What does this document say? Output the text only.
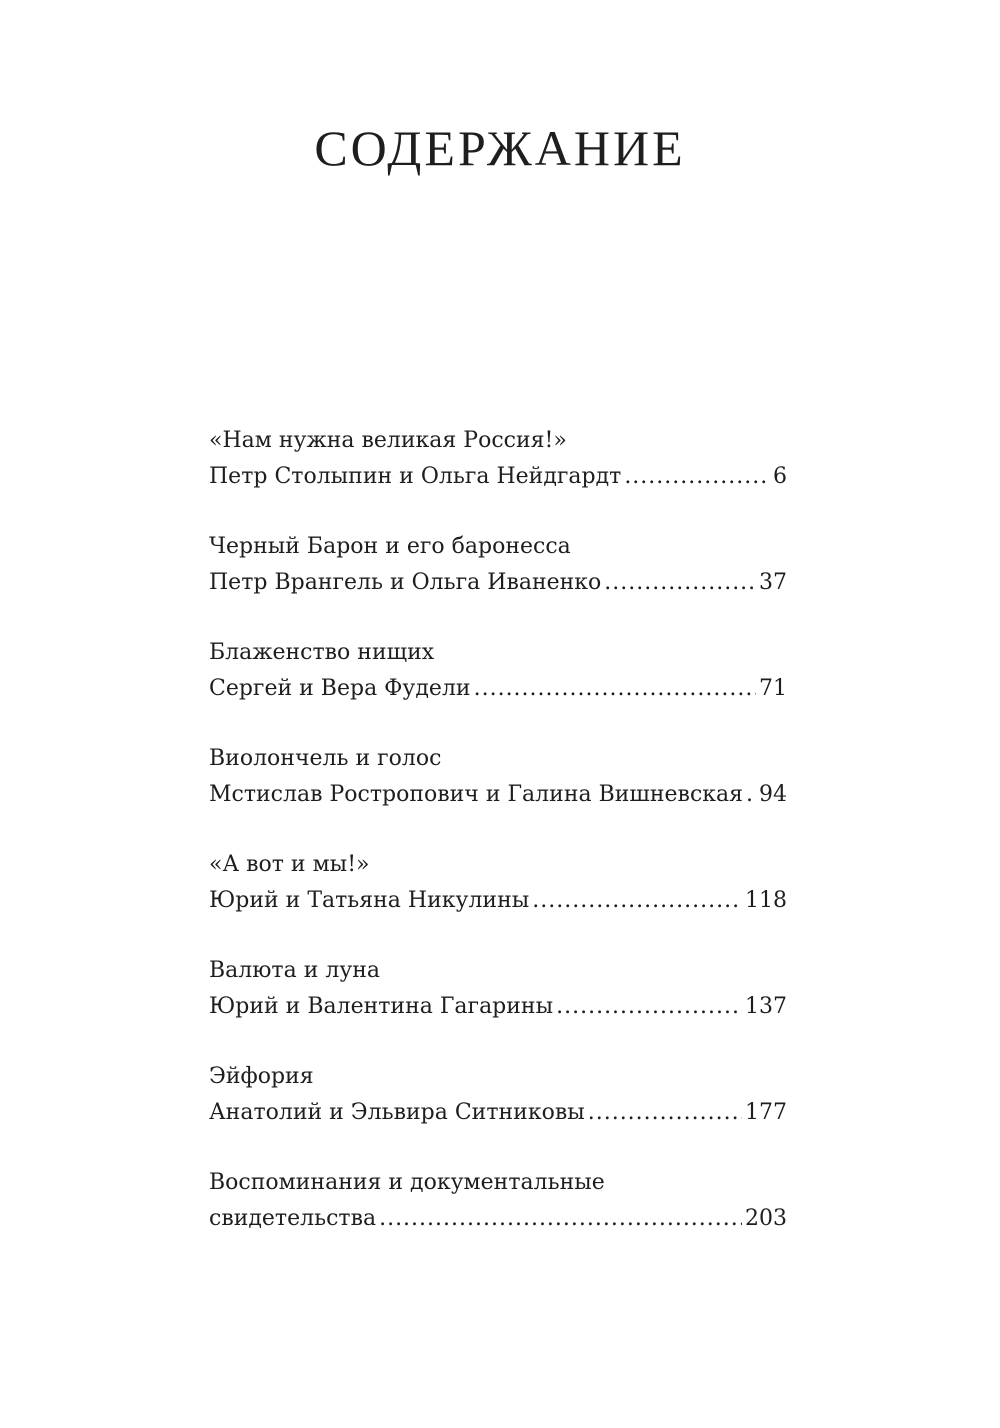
СОДЕРЖАНИЕ
«Нам нужна великая Россия!»
Петр Столыпин и Ольга Нейдгардт .....	6
Черный Барон и его баронесса
Петр Врангель и Ольга Иваненко .....	37
Блаженство нищих
Сергей и Вера Фудели .....	71
Виолончель и голос
Мстислав Ростропович и Галина Вишневская ..... 94
«А вот и мы!»
Юрий и Татьяна Никулины .....	118
Валюта и луна
Юрий и Валентина Гагарины .....	137
Эйфория
Анатолий и Эльвира Ситниковы .....	177
Воспоминания и документальные
свидетельства .....	203
